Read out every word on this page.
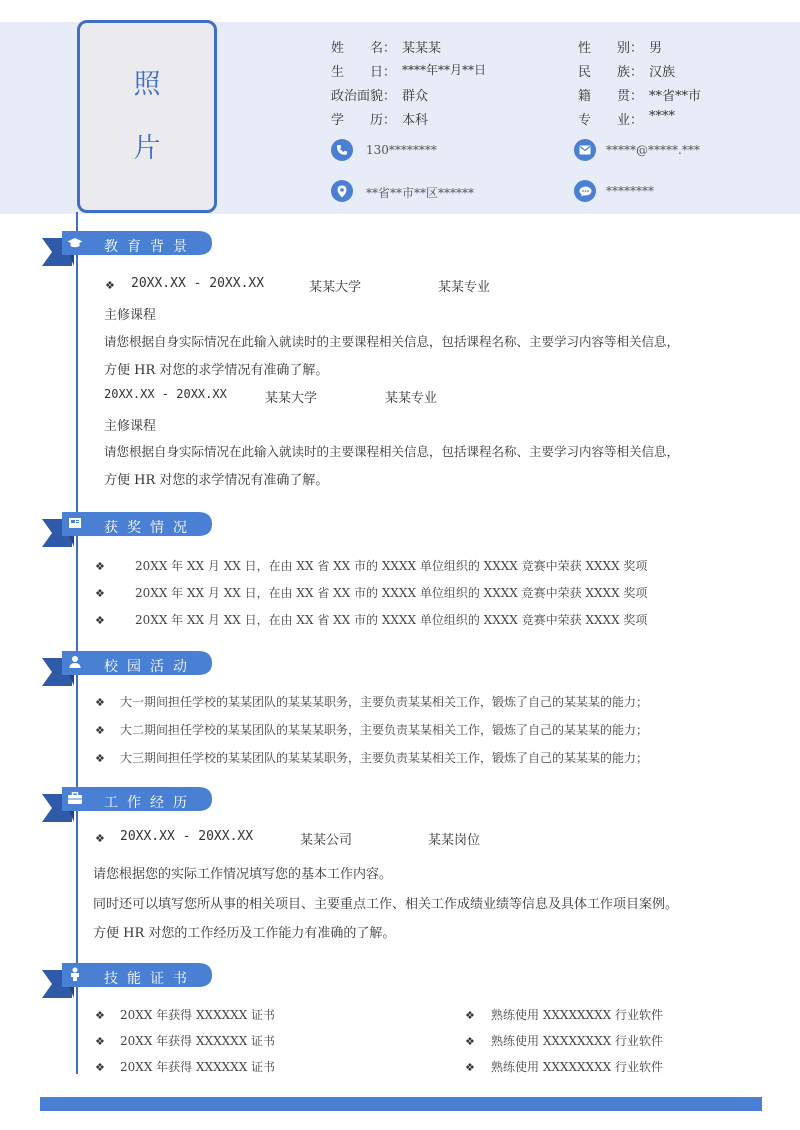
照
片
姓　　名： 某某某	性　　别： 男
生　　日： ****年**月**日	民　　族： 汉族
政治面貌： 群众	籍　　贯： **省**市
学　　历： 本科	专　　业： ****
130********	*****@*****.***
**省**市**区******	********
教育背景
❖ 20XX.XX - 20XX.XX	某某大学	某某专业
主修课程
请您根据自身实际情况在此输入就读时的主要课程相关信息，包括课程名称、主要学习内容等相关信息，
方便 HR 对您的求学情况有准确了解。
20XX.XX - 20XX.XX	某某大学	某某专业
主修课程
请您根据自身实际情况在此输入就读时的主要课程相关信息，包括课程名称、主要学习内容等相关信息，
方便 HR 对您的求学情况有准确了解。
获奖情况
❖	20XX 年 XX 月 XX 日，在由 XX 省 XX 市的 XXXX 单位组织的 XXXX 竞赛中荣获 XXXX 奖项
❖	20XX 年 XX 月 XX 日，在由 XX 省 XX 市的 XXXX 单位组织的 XXXX 竞赛中荣获 XXXX 奖项
❖	20XX 年 XX 月 XX 日，在由 XX 省 XX 市的 XXXX 单位组织的 XXXX 竞赛中荣获 XXXX 奖项
校园活动
❖ 大一期间担任学校的某某团队的某某某职务，主要负责某某相关工作，锻炼了自己的某某某的能力；
❖ 大二期间担任学校的某某团队的某某某职务，主要负责某某相关工作，锻炼了自己的某某某的能力；
❖ 大三期间担任学校的某某团队的某某某职务，主要负责某某相关工作，锻炼了自己的某某某的能力；
工作经历
❖ 20XX.XX - 20XX.XX	某某公司	某某岗位
请您根据您的实际工作情况填写您的基本工作内容。
同时还可以填写您所从事的相关项目、主要重点工作、相关工作成绩业绩等信息及具体工作项目案例。
方便 HR 对您的工作经历及工作能力有准确的了解。
技能证书
❖ 20XX 年获得 XXXXXX 证书
❖ 20XX 年获得 XXXXXX 证书
❖ 20XX 年获得 XXXXXX 证书
❖ 熟练使用 XXXXXXXX 行业软件
❖ 熟练使用 XXXXXXXX 行业软件
❖ 熟练使用 XXXXXXXX 行业软件
